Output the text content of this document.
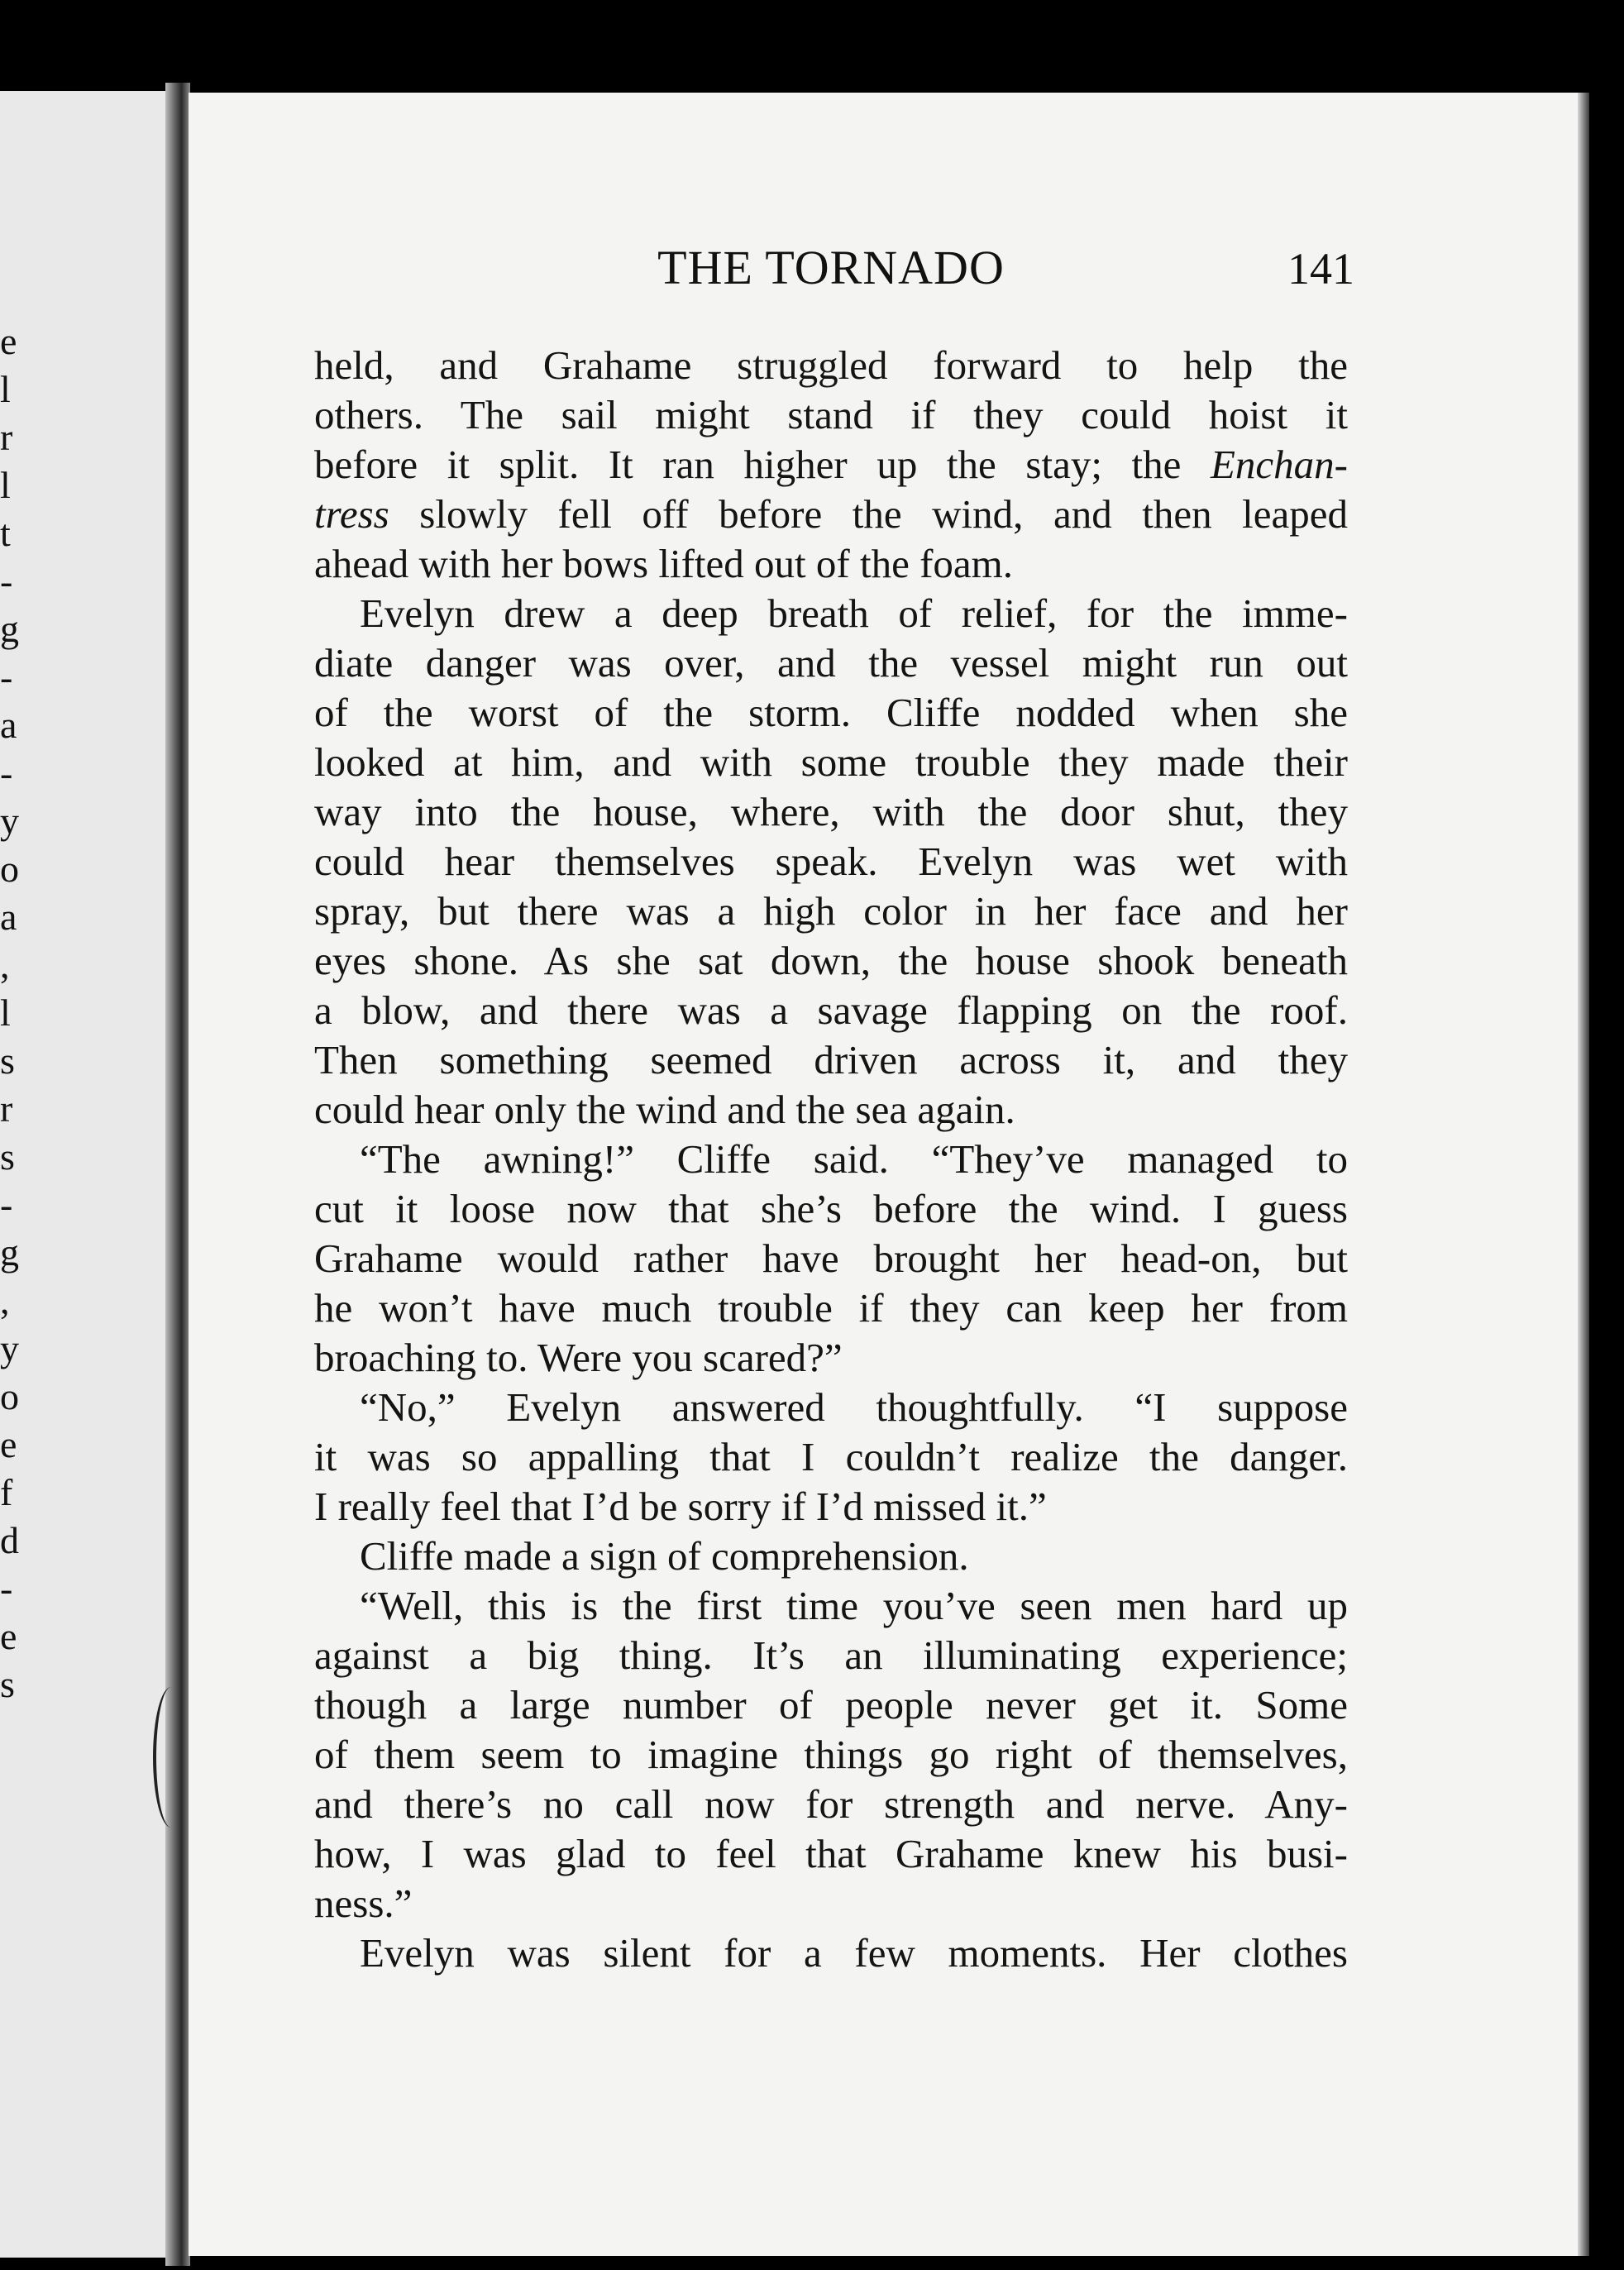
e
l
r
l
t
-
g
-
a
-
y
o
a
,
l
s
r
s
-
g
,
y
o
e
f
d
-
e
s
THE TORNADO	141
held, and Grahame struggled forward to help the
others. The sail might stand if they could hoist it
before it split. It ran higher up the stay; the Enchan-
tress slowly fell off before the wind, and then leaped
ahead with her bows lifted out of the foam.
Evelyn drew a deep breath of relief, for the imme-
diate danger was over, and the vessel might run out
of the worst of the storm. Cliffe nodded when she
looked at him, and with some trouble they made their
way into the house, where, with the door shut, they
could hear themselves speak. Evelyn was wet with
spray, but there was a high color in her face and her
eyes shone. As she sat down, the house shook beneath
a blow, and there was a savage flapping on the roof.
Then something seemed driven across it, and they
could hear only the wind and the sea again.
“The awning!” Cliffe said. “They’ve managed to
cut it loose now that she’s before the wind. I guess
Grahame would rather have brought her head-on, but
he won’t have much trouble if they can keep her from
broaching to. Were you scared?”
“No,” Evelyn answered thoughtfully. “I suppose
it was so appalling that I couldn’t realize the danger.
I really feel that I’d be sorry if I’d missed it.”
Cliffe made a sign of comprehension.
“Well, this is the first time you’ve seen men hard up
against a big thing. It’s an illuminating experience;
though a large number of people never get it. Some
of them seem to imagine things go right of themselves,
and there’s no call now for strength and nerve. Any-
how, I was glad to feel that Grahame knew his busi-
ness.”
Evelyn was silent for a few moments. Her clothes
